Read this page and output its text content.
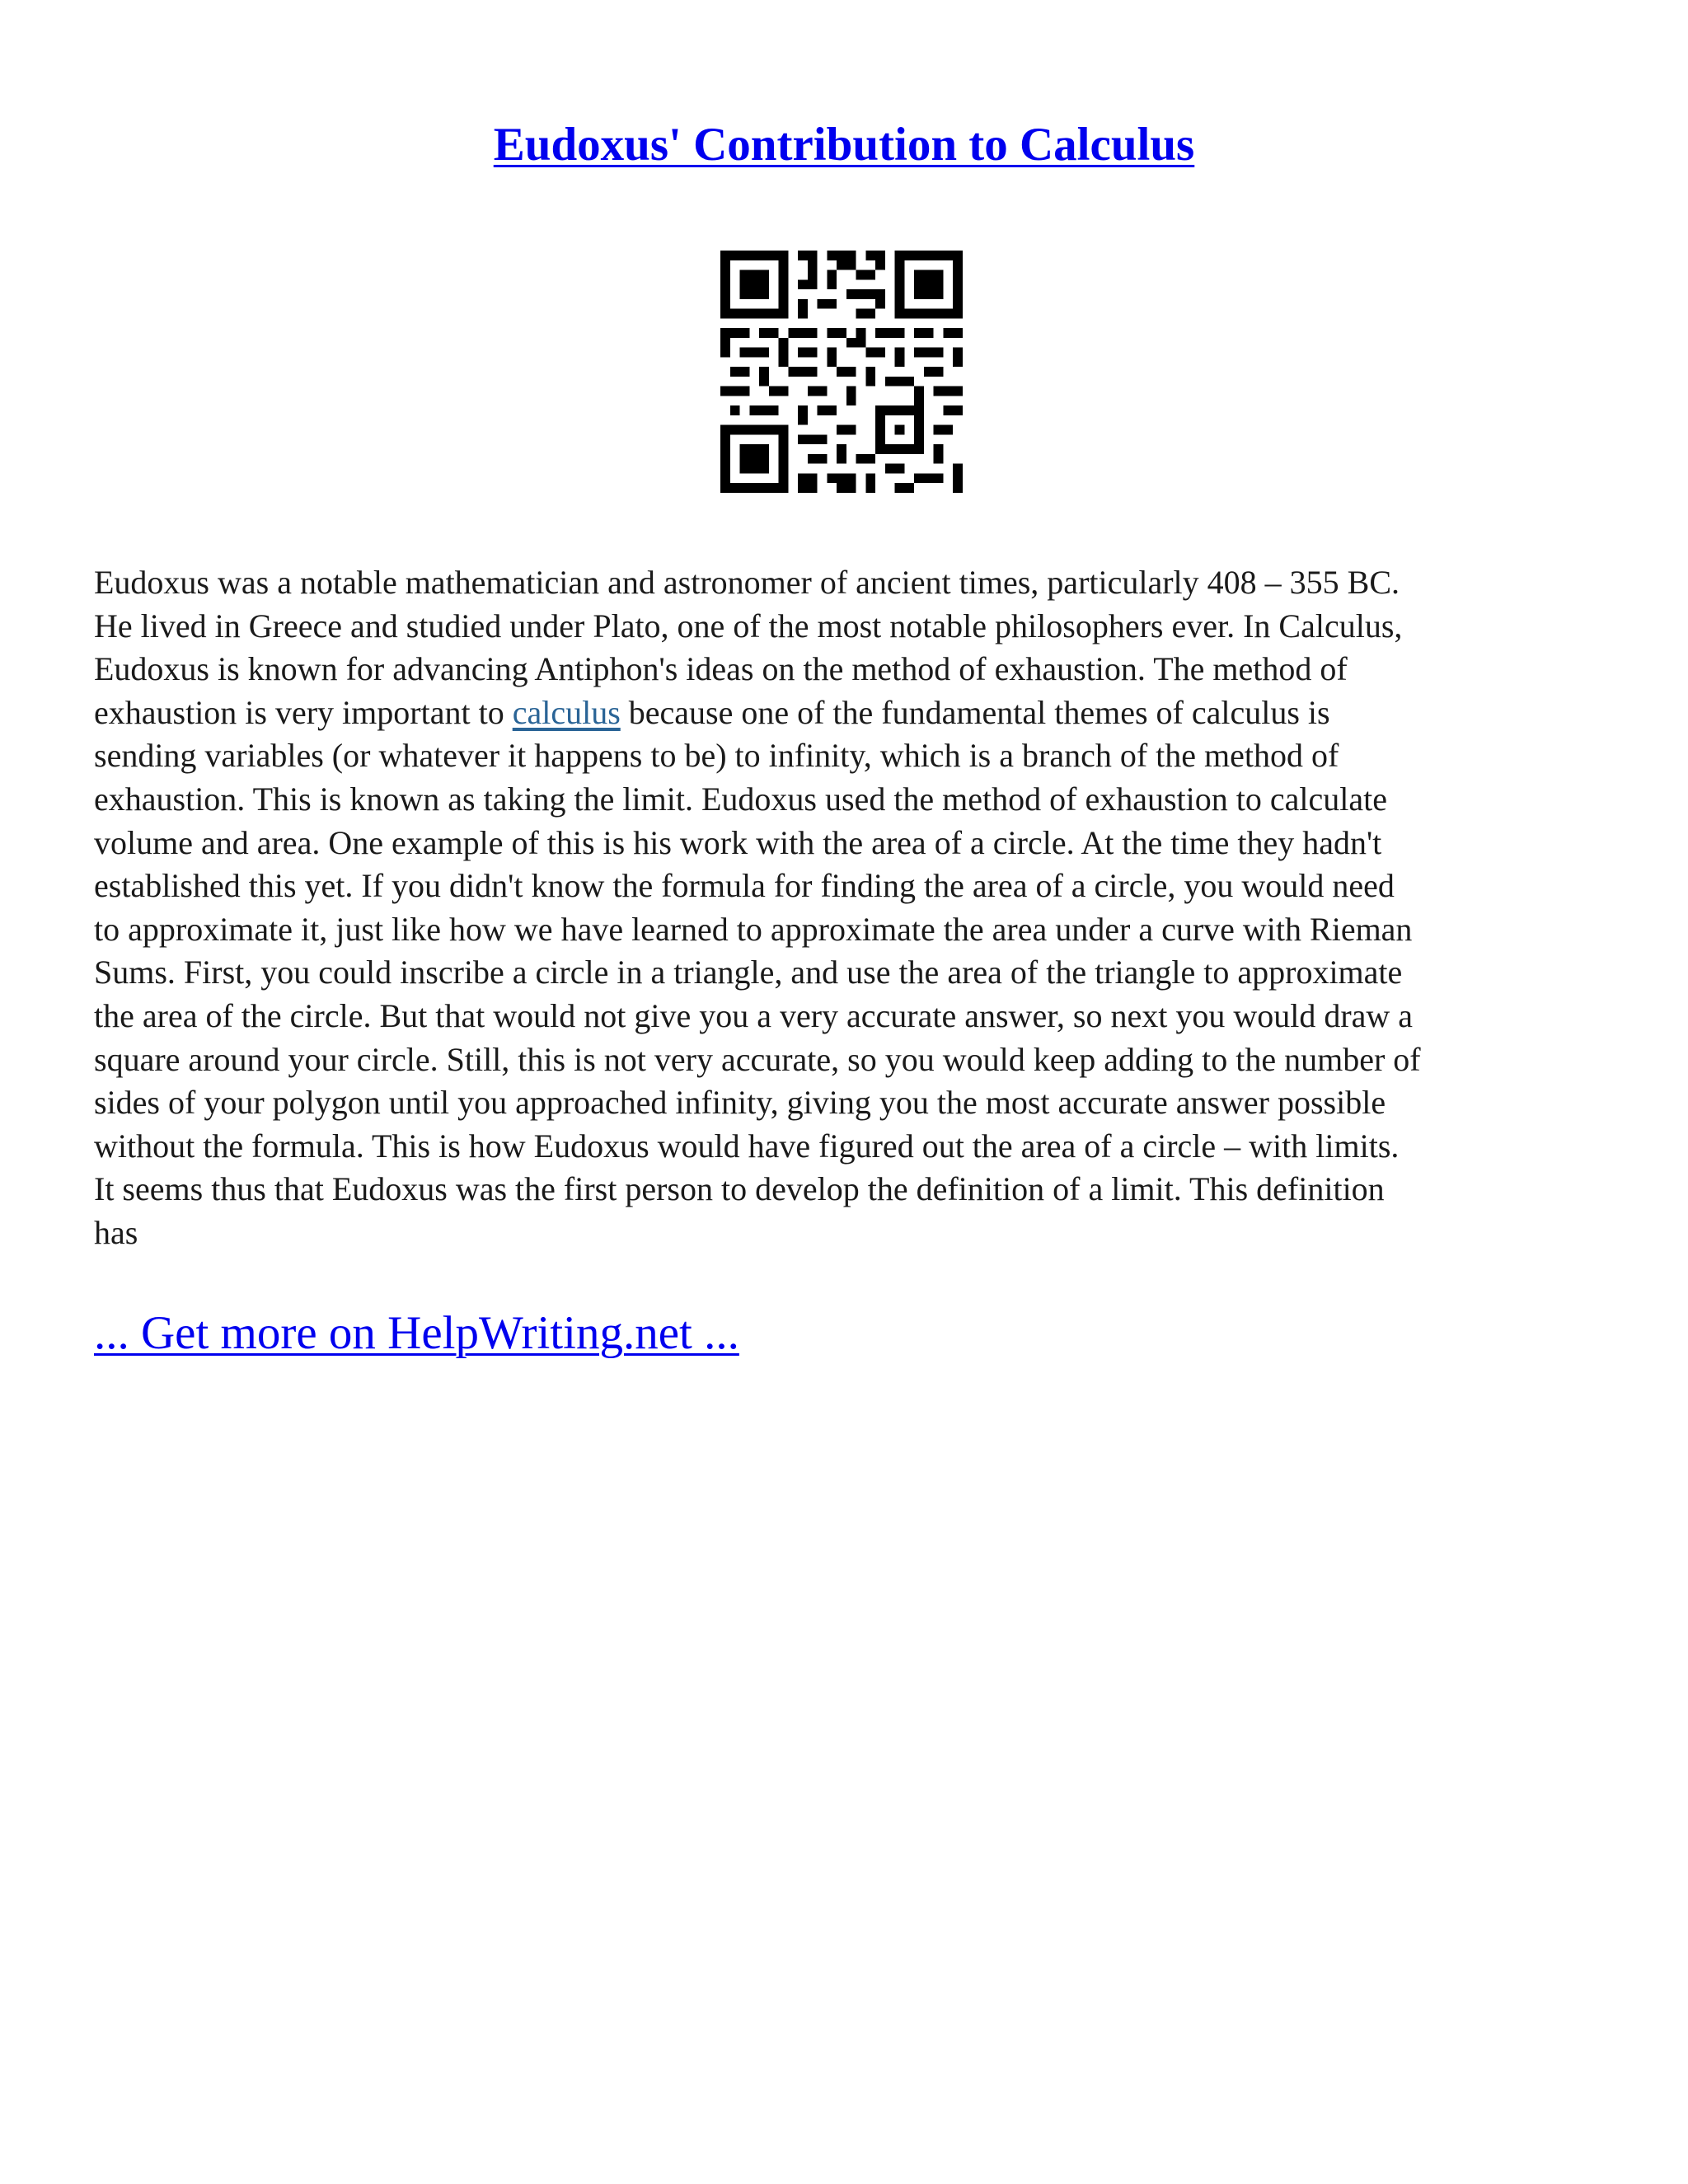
Eudoxus' Contribution to Calculus

Eudoxus was a notable mathematician and astronomer of ancient times, particularly 408 – 355 BC.
He lived in Greece and studied under Plato, one of the most notable philosophers ever. In Calculus,
Eudoxus is known for advancing Antiphon's ideas on the method of exhaustion. The method of
exhaustion is very important to calculus because one of the fundamental themes of calculus is
sending variables (or whatever it happens to be) to infinity, which is a branch of the method of
exhaustion. This is known as taking the limit. Eudoxus used the method of exhaustion to calculate
volume and area. One example of this is his work with the area of a circle. At the time they hadn't
established this yet. If you didn't know the formula for finding the area of a circle, you would need
to approximate it, just like how we have learned to approximate the area under a curve with Rieman
Sums. First, you could inscribe a circle in a triangle, and use the area of the triangle to approximate
the area of the circle. But that would not give you a very accurate answer, so next you would draw a
square around your circle. Still, this is not very accurate, so you would keep adding to the number of
sides of your polygon until you approached infinity, giving you the most accurate answer possible
without the formula. This is how Eudoxus would have figured out the area of a circle – with limits.
It seems thus that Eudoxus was the first person to develop the definition of a limit. This definition
has

... Get more on HelpWriting.net ...
